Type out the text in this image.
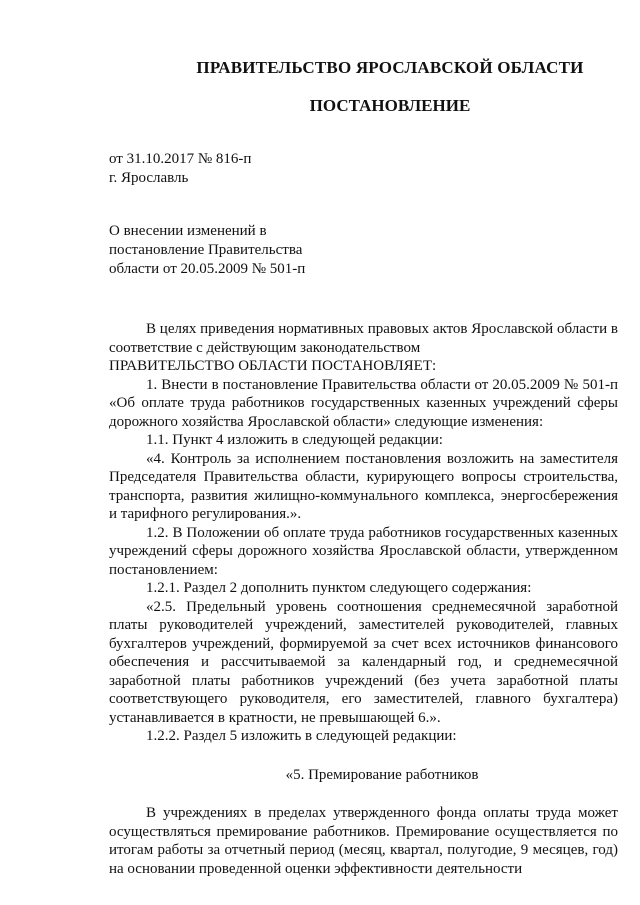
ПРАВИТЕЛЬСТВО ЯРОСЛАВСКОЙ ОБЛАСТИ
ПОСТАНОВЛЕНИЕ
от 31.10.2017 № 816-п
г. Ярославль
О внесении изменений в
постановление Правительства
области от 20.05.2009 № 501-п

В целях приведения нормативных правовых актов Ярославской области в соответствие с действующим законодательством

ПРАВИТЕЛЬСТВО ОБЛАСТИ ПОСТАНОВЛЯЕТ:

1. Внести в постановление Правительства области от 20.05.2009 № 501-п «Об оплате труда работников государственных казенных учреждений сферы дорожного хозяйства Ярославской области» следующие изменения:

1.1. Пункт 4 изложить в следующей редакции:

«4. Контроль за исполнением постановления возложить на заместителя Председателя Правительства области, курирующего вопросы строительства, транспорта, развития жилищно-коммунального комплекса, энергосбережения и тарифного регулирования.».

1.2. В Положении об оплате труда работников государственных казенных учреждений сферы дорожного хозяйства Ярославской области, утвержденном постановлением:

1.2.1. Раздел 2 дополнить пунктом следующего содержания:

«2.5. Предельный уровень соотношения среднемесячной заработной платы руководителей учреждений, заместителей руководителей, главных бухгалтеров учреждений, формируемой за счет всех источников финансового обеспечения и рассчитываемой за календарный год, и среднемесячной заработной платы работников учреждений (без учета заработной платы соответствующего руководителя, его заместителей, главного бухгалтера) устанавливается в кратности, не превышающей 6.».

1.2.2. Раздел 5 изложить в следующей редакции:

«5. Премирование работников

В учреждениях в пределах утвержденного фонда оплаты труда может осуществляться премирование работников. Премирование осуществляется по итогам работы за отчетный период (месяц, квартал, полугодие, 9 месяцев, год) на основании проведенной оценки эффективности деятельности
